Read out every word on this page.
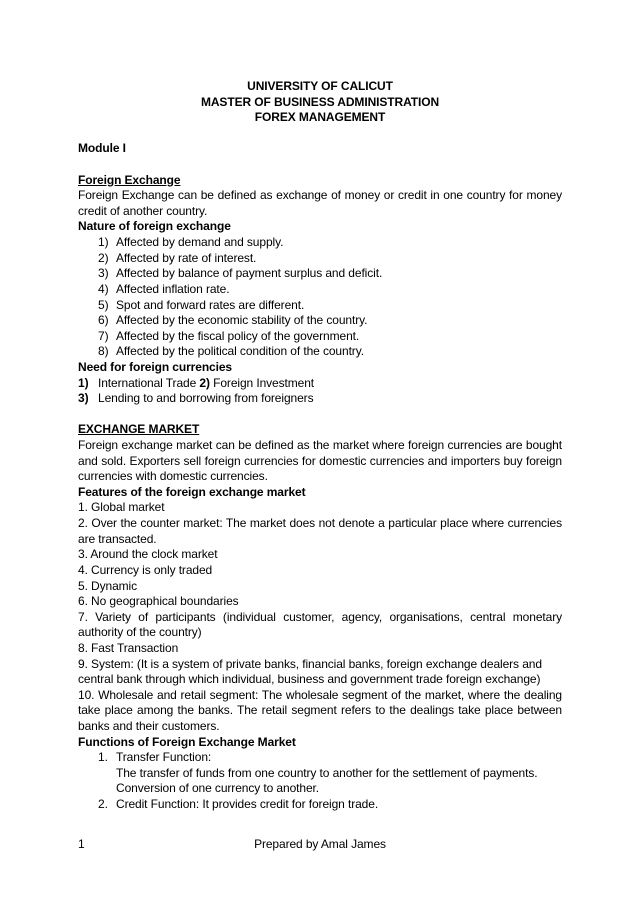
UNIVERSITY OF CALICUT
MASTER OF BUSINESS ADMINISTRATION
FOREX MANAGEMENT
Module I
Foreign Exchange
Foreign Exchange can be defined as exchange of money or credit in one country for money
credit of another country.
Nature of foreign exchange
1) Affected by demand and supply.
2) Affected by rate of interest.
3) Affected by balance of payment surplus and deficit.
4) Affected inflation rate.
5) Spot and forward rates are different.
6) Affected by the economic stability of the country.
7) Affected by the fiscal policy of the government.
8) Affected by the political condition of the country.
Need for foreign currencies
1) International Trade 2) Foreign Investment
3) Lending to and borrowing from foreigners
EXCHANGE MARKET
Foreign exchange market can be defined as the market where foreign currencies are bought
and sold. Exporters sell foreign currencies for domestic currencies and importers buy foreign
currencies with domestic currencies.
Features of the foreign exchange market
1. Global market
2. Over the counter market: The market does not denote a particular place where currencies
are transacted.
3. Around the clock market
4. Currency is only traded
5. Dynamic
6. No geographical boundaries
7. Variety of participants (individual customer, agency, organisations, central monetary
authority of the country)
8. Fast Transaction
9. System: (It is a system of private banks, financial banks, foreign exchange dealers and
central bank through which individual, business and government trade foreign exchange)
10. Wholesale and retail segment: The wholesale segment of the market, where the dealing
take place among the banks. The retail segment refers to the dealings take place between
banks and their customers.
Functions of Foreign Exchange Market
1. Transfer Function:
The transfer of funds from one country to another for the settlement of payments.
Conversion of one currency to another.
2. Credit Function: It provides credit for foreign trade.
1	Prepared by Amal James
